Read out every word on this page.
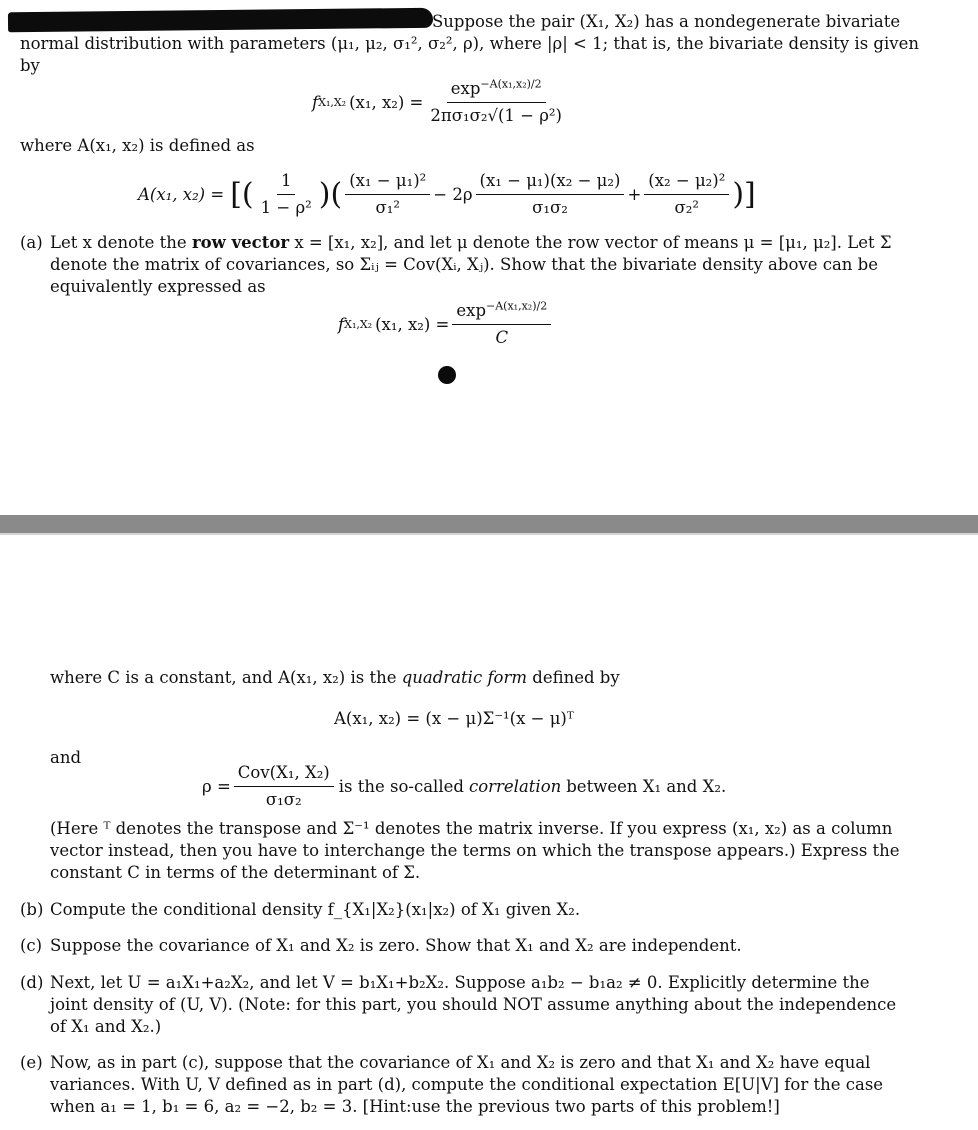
Suppose the pair (X₁, X₂) has a nondegenerate bivariate
normal distribution with parameters (μ₁, μ₂, σ₁², σ₂², ρ), where |ρ| < 1; that is, the bivariate density is given
by
f X₁,X₂ (x₁, $x_2) = \frac{\exp^{-A(x_1,x_2)/2}}{\text{2πσ₁σ₂√(1 − ρ²)}}$
where A(x₁, x₂) is defined as
A(x₁, x₂) = [( $\frac{1}{\text{1 − ρ²}}$ )( $\frac{\text{(x₁ − μ₁)²}}{\text{σ₁²}} - 2\rho \frac{\text{(x₁ − μ₁)(x₂ − μ₂)}}{\text{σ₁σ₂}} + \frac{\text{(x₂ − μ₂)²}}{\text{σ₂²}}$ )]
(a) Let x denote the row vector x = [x₁, x₂], and let μ denote the row vector of means μ = [μ₁, μ₂]. Let Σ
denote the matrix of covariances, so Σᵢⱼ = Cov(Xᵢ, Xⱼ). Show that the bivariate density above can be
equivalently expressed as
f X₁,X₂ (x₁, $x_2) = \frac{\exp^{-A(x_1,x_2)/2}}{C}$
where C is a constant, and A(x₁, x₂) is the quadratic form defined by
A(x₁, x₂) = (x − μ)Σ⁻¹(x − μ)ᵀ
and
$\rho = \frac{\text{Cov(X₁, X₂)}}{\text{σ₁σ₂}}$ is the so-called correlation between X₁ and X₂.
(Here ᵀ denotes the transpose and Σ⁻¹ denotes the matrix inverse. If you express (x₁, x₂) as a column
vector instead, then you have to interchange the terms on which the transpose appears.) Express the
constant C in terms of the determinant of Σ.
(b) Compute the conditional density f_{X₁|X₂}(x₁|x₂) of X₁ given X₂.
(c) Suppose the covariance of X₁ and X₂ is zero. Show that X₁ and X₂ are independent.
(d) Next, let U = a₁X₁+a₂X₂, and let V = b₁X₁+b₂X₂. Suppose a₁b₂ − b₁a₂ ≠ 0. Explicitly determine the
joint density of (U, V). (Note: for this part, you should NOT assume anything about the independence
of X₁ and X₂.)
(e) Now, as in part (c), suppose that the covariance of X₁ and X₂ is zero and that X₁ and X₂ have equal
variances. With U, V defined as in part (d), compute the conditional expectation E[U|V] for the case
when a₁ = 1, b₁ = 6, a₂ = −2, b₂ = 3. [Hint:use the previous two parts of this problem!]
